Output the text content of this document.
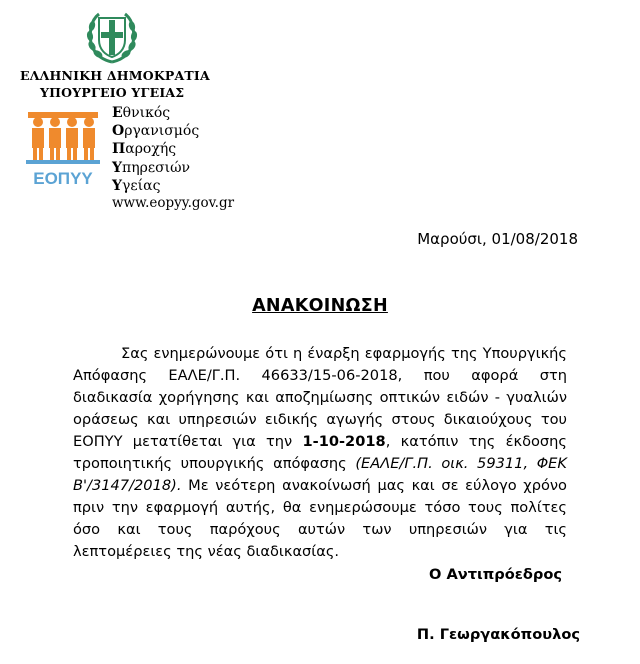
ΕΛΛΗΝΙΚΗ ΔΗΜΟΚΡΑΤΙΑ
ΥΠΟΥΡΓΕΙΟ ΥΓΕΙΑΣ
ΕΟΠΥΥ
Εθνικός
Οργανισμός
Παροχής
Υπηρεσιών
Υγείας
www.eopyy.gov.gr
Μαρούσι, 01/08/2018
ΑΝΑΚΟΙΝΩΣΗ

Σας ενημερώνουμε ότι η έναρξη εφαρμογής της Υπουργικής Απόφασης ΕΑΛΕ/Γ.Π. 46633/15-06-2018, που αφορά στη διαδικασία χορήγησης και αποζημίωσης οπτικών ειδών - γυαλιών οράσεως και υπηρεσιών ειδικής αγωγής στους δικαιούχους του ΕΟΠΥΥ μετατίθεται για την 1-10-2018, κατόπιν της έκδοσης τροποιητικής υπουργικής απόφασης (ΕΑΛΕ/Γ.Π. οικ. 59311, ΦΕΚ Β'/3147/2018). Με νεότερη ανακοίνωσή μας και σε εύλογο χρόνο πριν την εφαρμογή αυτής, θα ενημερώσουμε τόσο τους πολίτες όσο και τους παρόχους αυτών των υπηρεσιών για τις λεπτομέρειες της νέας διαδικασίας.

Ο Αντιπρόεδρος
Π. Γεωργακόπουλος
